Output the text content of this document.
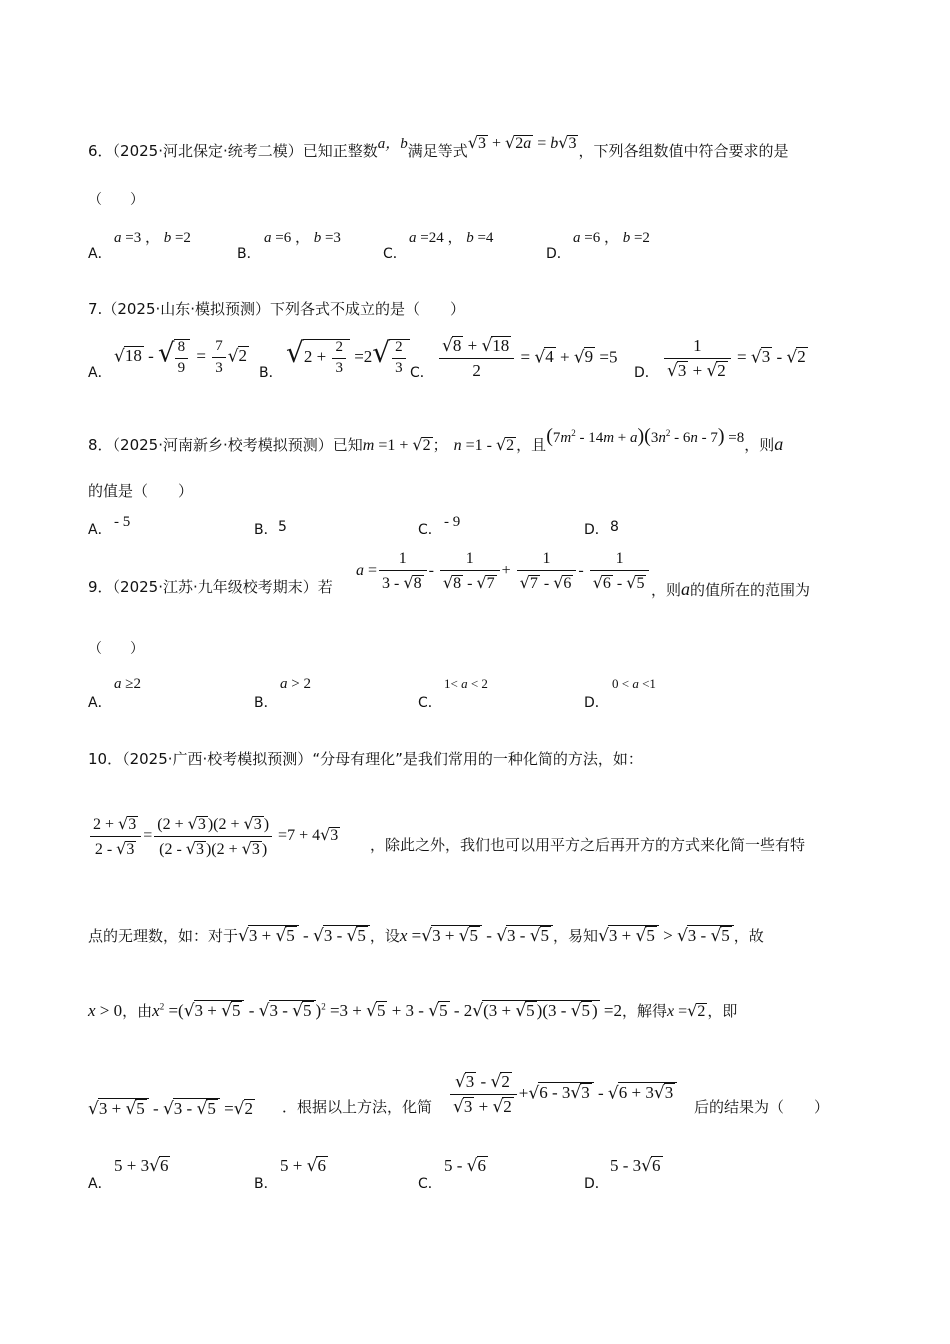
6．（2025·河北保定·统考二模）已知正整数a，b满足等式√3 + √2a = b√3 ，下列各组数值中符合要求的是
（　　）
A．
a =3 ， b =2
B．
a =6 ， b =3
C．
a =24 ， b =4
D．
a =6 ， b =2
7.（2025·山东·模拟预测）下列各式不成立的是（　　）
A．
√18 - √ $\frac{8}{9} = \frac{7}{3} √2$
B．
$√2 + \frac{2}{3} =2√ \frac{2}{3}$ C． $\frac{√8 + √18}{2} = √4 + √9 =5$
D． $\frac{1}{√3 + √2} = √3 - √2$
8．（2025·河南新乡·校考模拟预测）已知m =1 + √2 ； n =1 - √2 ，且$(7m^2 - 14m + a)(3n^2 - 6n - 7) =8$，则a
的值是（　　）
A． - 5	B． 5	C． - 9	D． 8
9．（2025·江苏·九年级校考期末）若
$a = \frac{1}{3 - √8} - \frac{1}{√8 - √7} + \frac{1}{√7 - √6} - \frac{1}{√6 - √5}$ ，则a的值所在的范围为
（　　）
A．
a ≥2
B．
a > 2
C．
1< a < 2
D．
0 < a <1
10．（2025·广西·校考模拟预测）“分母有理化”是我们常用的一种化简的方法，如：
$\frac{2 + √3}{2 - √3} = \frac{(2 + √3 )(2 + √3 )}{(2 - √3 )(2 + √3 )} =7 + 4√3$
，除此之外，我们也可以用平方之后再开方的方式来化简一些有特
点的无理数，如：对于√3 + √5 - √3 - √5 ，设x =√3 + √5 - √3 - √5 ，易知√3 + √5 > √3 - √5 ，故
x > 0，由$x^2 =(√3 + √5 - √3 - √5$ )$^2$ =3 + √5 + 3 - √5 - 2√(3 + √5 )(3 - √5 ) =2，解得x =√2 ，即
√3 + √5 - √3 - √5 =√2 ．根据以上方法，化简 $\frac{√3 - √2}{√3 + √2} +√6 - 3√3 - √6 + 3√3$
后的结果为（　　）
A．
5 + 3√6
B．
5 + √6
C．
5 - √6
D．
5 - 3√6
